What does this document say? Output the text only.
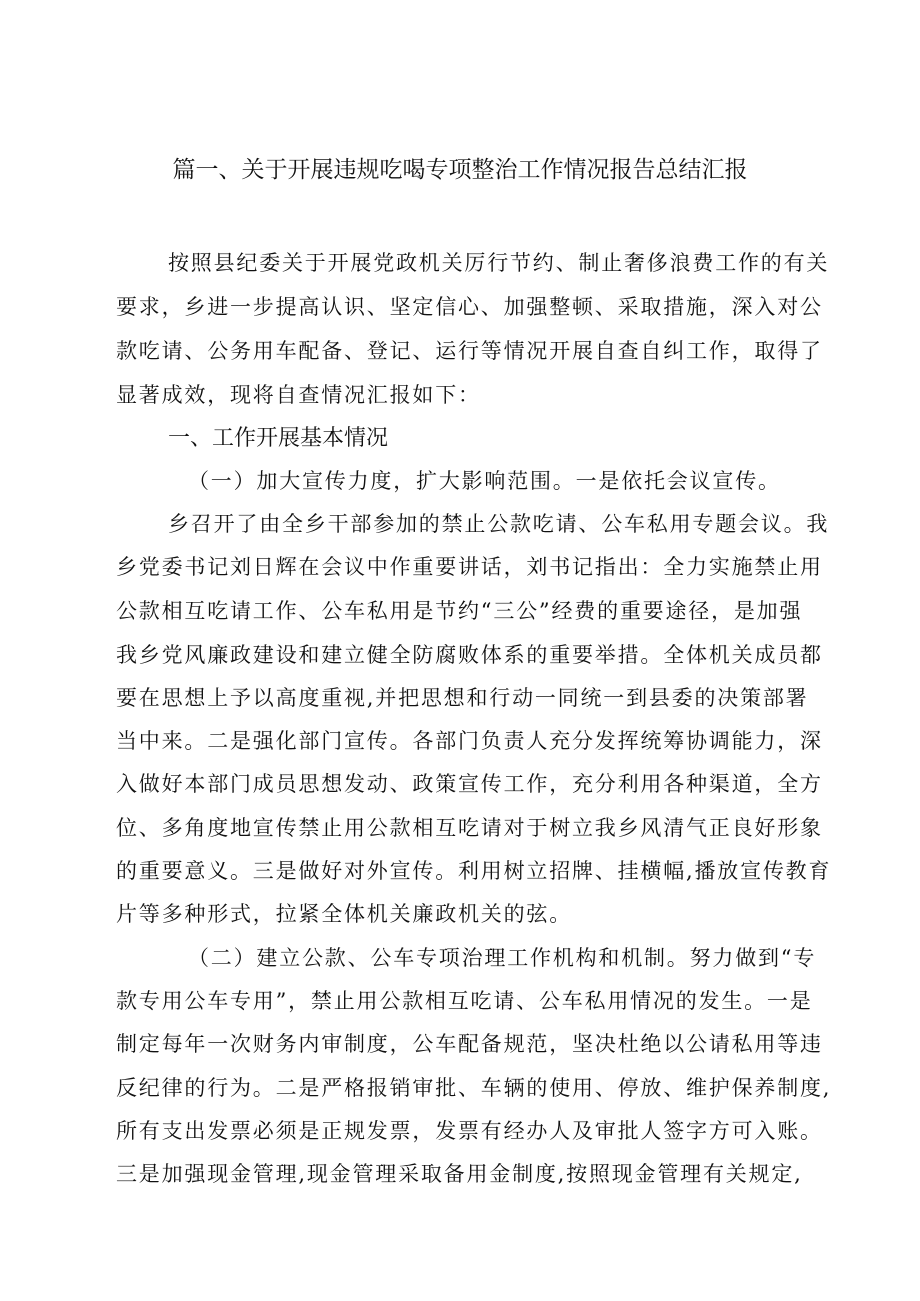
篇一、关于开展违规吃喝专项整治工作情况报告总结汇报
按照县纪委关于开展党政机关厉行节约、制止奢侈浪费工作的有关
要求，乡进一步提高认识、坚定信心、加强整顿、采取措施，深入对公
款吃请、公务用车配备、登记、运行等情况开展自查自纠工作，取得了
显著成效，现将自查情况汇报如下：
一、工作开展基本情况
（一）加大宣传力度，扩大影响范围。一是依托会议宣传。
乡召开了由全乡干部参加的禁止公款吃请、公车私用专题会议。我
乡党委书记刘日辉在会议中作重要讲话，刘书记指出：全力实施禁止用
公款相互吃请工作、公车私用是节约“三公”经费的重要途径，是加强
我乡党风廉政建设和建立健全防腐败体系的重要举措。全体机关成员都
要在思想上予以高度重视,并把思想和行动一同统一到县委的决策部署
当中来。二是强化部门宣传。各部门负责人充分发挥统筹协调能力，深
入做好本部门成员思想发动、政策宣传工作，充分利用各种渠道，全方
位、多角度地宣传禁止用公款相互吃请对于树立我乡风清气正良好形象
的重要意义。三是做好对外宣传。利用树立招牌、挂横幅,播放宣传教育
片等多种形式，拉紧全体机关廉政机关的弦。
（二）建立公款、公车专项治理工作机构和机制。努力做到“专
款专用公车专用”，禁止用公款相互吃请、公车私用情况的发生。一是
制定每年一次财务内审制度，公车配备规范，坚决杜绝以公请私用等违
反纪律的行为。二是严格报销审批、车辆的使用、停放、维护保养制度,
所有支出发票必须是正规发票，发票有经办人及审批人签字方可入账。
三是加强现金管理,现金管理采取备用金制度,按照现金管理有关规定,
